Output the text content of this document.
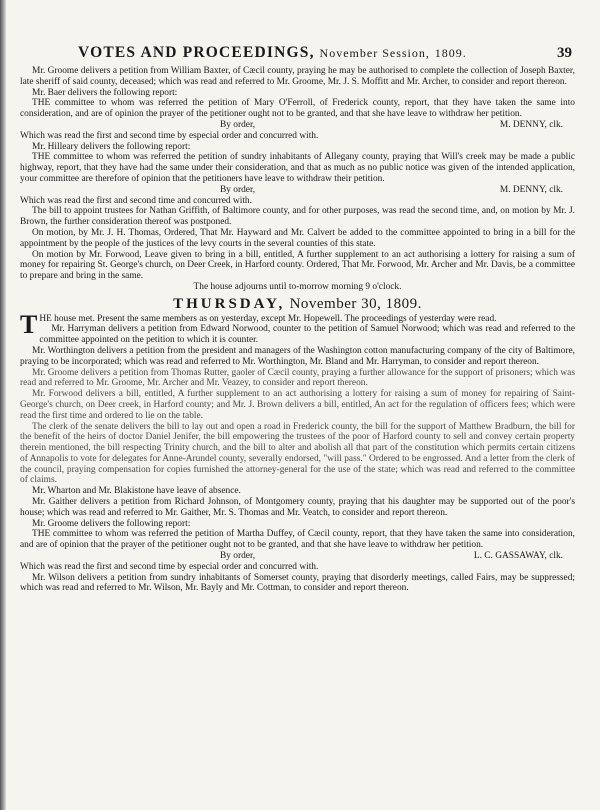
VOTES AND PROCEEDINGS, November Session, 1809.	39

Mr. Groome delivers a petition from William Baxter, of Cæcil county, praying he may be authorised to complete the collection of Joseph Baxter, late sheriff of said county, deceased; which was read and referred to Mr. Groome, Mr. J. S. Moffitt and Mr. Archer, to consider and report thereon.

Mr. Baer delivers the following report:

THE committee to whom was referred the petition of Mary O'Ferroll, of Frederick county, report, that they have taken the same into consideration, and are of opinion the prayer of the petitioner ought not to be granted, and that she have leave to withdraw her petition.

By order,	M. DENNY, clk.

Which was read the first and second time by especial order and concurred with.

Mr. Hilleary delivers the following report:

THE committee to whom was referred the petition of sundry inhabitants of Allegany county, praying that Will's creek may be made a public highway, report, that they have had the same under their consideration, and that as much as no public notice was given of the intended application, your committee are therefore of opinion that the petitioners have leave to withdraw their petition.

By order,	M. DENNY, clk.

Which was read the first and second time and concurred with.

The bill to appoint trustees for Nathan Griffith, of Baltimore county, and for other purposes, was read the second time, and, on motion by Mr. J. Brown, the further consideration thereof was postponed.

On motion, by Mr. J. H. Thomas, Ordered, That Mr. Hayward and Mr. Calvert be added to the committee appointed to bring in a bill for the appointment by the people of the justices of the levy courts in the several counties of this state.

On motion by Mr. Forwood, Leave given to bring in a bill, entitled, A further supplement to an act authorising a lottery for raising a sum of money for repairing St. George's church, on Deer Creek, in Harford county. Ordered, That Mr. Forwood, Mr. Archer and Mr. Davis, be a committee to prepare and bring in the same.

The house adjourns until to-morrow morning 9 o'clock.

THURSDAY, November 30, 1809.

THE house met. Present the same members as on yesterday, except Mr. Hopewell. The proceedings of yesterday were read.

Mr. Harryman delivers a petition from Edward Norwood, counter to the petition of Samuel Norwood; which was read and referred to the committee appointed on the petition to which it is counter.

Mr. Worthington delivers a petition from the president and managers of the Washington cotton manufacturing company of the city of Baltimore, praying to be incorporated; which was read and referred to Mr. Worthington, Mr. Bland and Mr. Harryman, to consider and report thereon.

Mr. Groome delivers a petition from Thomas Rutter, gaoler of Cæcil county, praying a further allowance for the support of prisoners; which was read and referred to Mr. Groome, Mr. Archer and Mr. Veazey, to consider and report thereon.

Mr. Forwood delivers a bill, entitled, A further supplement to an act authorising a lottery for raising a sum of money for repairing of Saint-George's church, on Deer creek, in Harford county; and Mr. J. Brown delivers a bill, entitled, An act for the regulation of officers fees; which were read the first time and ordered to lie on the table.

The clerk of the senate delivers the bill to lay out and open a road in Frederick county, the bill for the support of Matthew Bradburn, the bill for the benefit of the heirs of doctor Daniel Jenifer, the bill empowering the trustees of the poor of Harford county to sell and convey certain property therein mentioned, the bill respecting Trinity church, and the bill to alter and abolish all that part of the constitution which permits certain citizens of Annapolis to vote for delegates for Anne-Arundel county, severally endorsed, "will pass." Ordered to be engrossed. And a letter from the clerk of the council, praying compensation for copies furnished the attorney-general for the use of the state; which was read and referred to the committee of claims.

Mr. Wharton and Mr. Blakistone have leave of absence.

Mr. Gaither delivers a petition from Richard Johnson, of Montgomery county, praying that his daughter may be supported out of the poor's house; which was read and referred to Mr. Gaither, Mr. S. Thomas and Mr. Veatch, to consider and report thereon.

Mr. Groome delivers the following report:

THE committee to whom was referred the petition of Martha Duffey, of Cæcil county, report, that they have taken the same into consideration, and are of opinion that the prayer of the petitioner ought not to be granted, and that she have leave to withdraw her petition.

By order,	L. C. GASSAWAY, clk.

Which was read the first and second time by especial order and concurred with.

Mr. Wilson delivers a petition from sundry inhabitants of Somerset county, praying that disorderly meetings, called Fairs, may be suppressed; which was read and referred to Mr. Wilson, Mr. Bayly and Mr. Cottman, to consider and report thereon.
